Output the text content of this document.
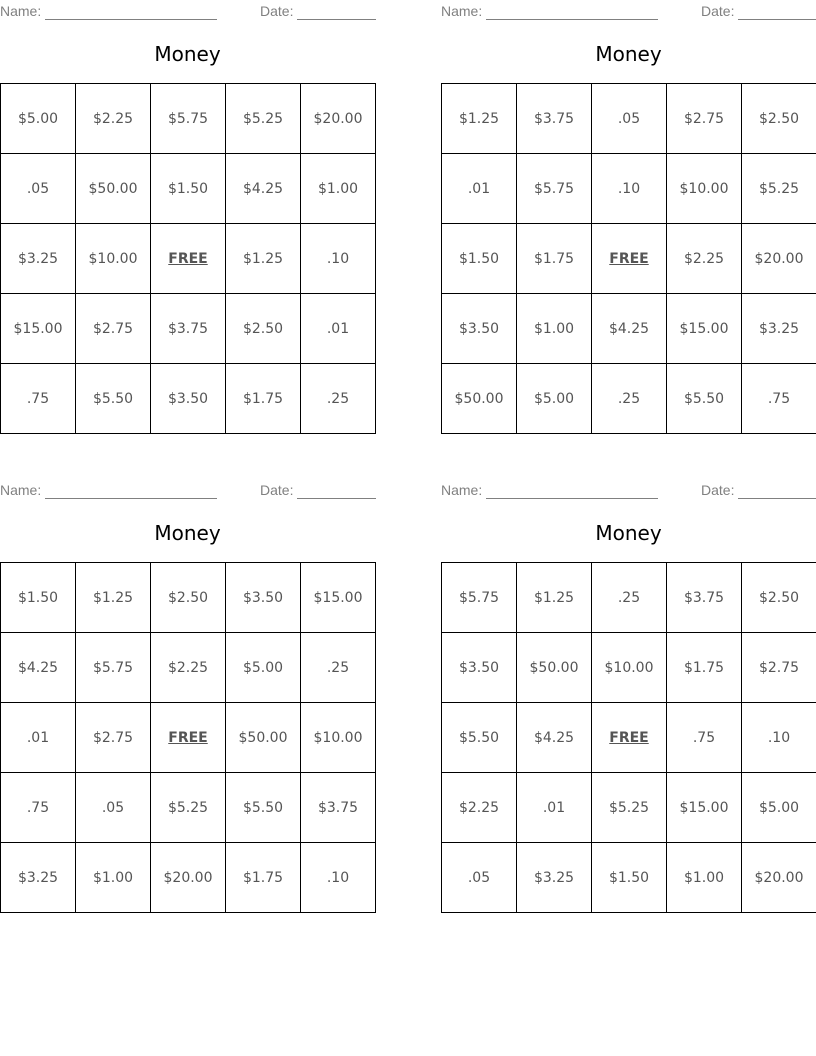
Name:	Date:
Money
$5.00	$2.25	$5.75	$5.25	$20.00
.05	$50.00	$1.50	$4.25	$1.00
$3.25	$10.00	FREE	$1.25	.10
$15.00	$2.75	$3.75	$2.50	.01
.75	$5.50	$3.50	$1.75	.25
Name:	Date:
Money
$1.25	$3.75	.05	$2.75	$2.50
.01	$5.75	.10	$10.00	$5.25
$1.50	$1.75	FREE	$2.25	$20.00
$3.50	$1.00	$4.25	$15.00	$3.25
$50.00	$5.00	.25	$5.50	.75
Name:	Date:
Money
$1.50	$1.25	$2.50	$3.50	$15.00
$4.25	$5.75	$2.25	$5.00	.25
.01	$2.75	FREE	$50.00	$10.00
.75	.05	$5.25	$5.50	$3.75
$3.25	$1.00	$20.00	$1.75	.10
Name:	Date:
Money
$5.75	$1.25	.25	$3.75	$2.50
$3.50	$50.00	$10.00	$1.75	$2.75
$5.50	$4.25	FREE	.75	.10
$2.25	.01	$5.25	$15.00	$5.00
.05	$3.25	$1.50	$1.00	$20.00
